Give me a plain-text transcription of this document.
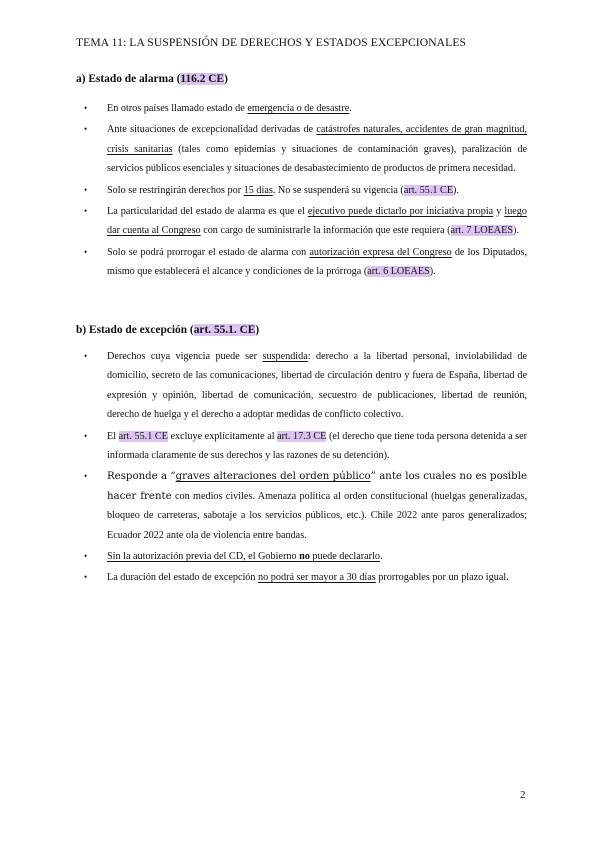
TEMA 11: LA SUSPENSIÓN DE DERECHOS Y ESTADOS EXCEPCIONALES
a) Estado de alarma (116.2 CE)
• En otros países llamado estado de emergencia o de desastre.
• Ante situaciones de excepcionalidad derivadas de catástrofes naturales, accidentes de gran magnitud, crisis sanitarias (tales como epidemias y situaciones de contaminación graves), paralización de servicios públicos esenciales y situaciones de desabastecimiento de productos de primera necesidad.
• Solo se restringirán derechos por 15 días. No se suspenderá su vigencia (art. 55.1 CE).
• La particularidad del estado de alarma es que el ejecutivo puede dictarlo por iniciativa propia y luego dar cuenta al Congreso con cargo de suministrarle la información que este requiera (art. 7 LOEAES).
• Solo se podrá prorrogar el estado de alarma con autorización expresa del Congreso de los Diputados, mismo que establecerá el alcance y condiciones de la prórroga (art. 6 LOEAES).
b) Estado de excepción (art. 55.1. CE)
• Derechos cuya vigencia puede ser suspendida: derecho a la libertad personal, inviolabilidad de domicilio, secreto de las comunicaciones, libertad de circulación dentro y fuera de España, libertad de expresión y opinión, libertad de comunicación, secuestro de publicaciones, libertad de reunión, derecho de huelga y el derecho a adoptar medidas de conflicto colectivo.
• El art. 55.1 CE excluye explícitamente al art. 17.3 CE (el derecho que tiene toda persona detenida a ser informada claramente de sus derechos y las razones de su detención).
• Responde a “graves alteraciones del orden público” ante los cuales no es posible hacer frente con medios civiles. Amenaza política al orden constitucional (huelgas generalizadas, bloqueo de carreteras, sabotaje a los servicios públicos, etc.). Chile 2022 ante paros generalizados; Ecuador 2022 ante ola de violencia entre bandas.
• Sin la autorización previa del CD, el Gobierno no puede declararlo.
• La duración del estado de excepción no podrá ser mayor a 30 días prorrogables por un plazo igual.
2
